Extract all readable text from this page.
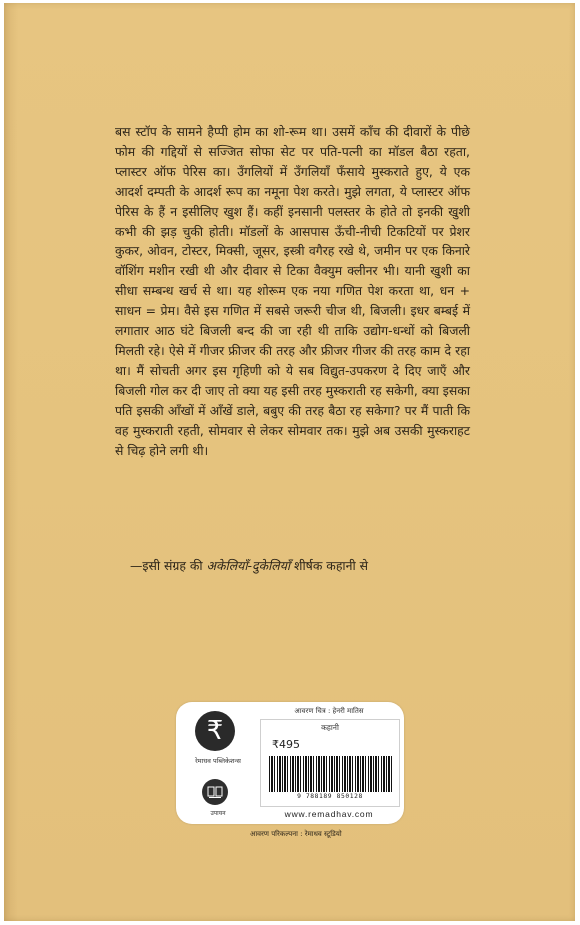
बस स्टॉप के सामने हैप्पी होम का शो-रूम था। उसमें काँच की दीवारों के पीछे फोम की गद्दियों से सज्जित सोफा सेट पर पति-पत्नी का मॉडल बैठा रहता, प्लास्टर ऑफ पेरिस का। उँगलियों में उँगलियाँ फँसाये मुस्कराते हुए, ये एक आदर्श दम्पती के आदर्श रूप का नमूना पेश करते। मुझे लगता, ये प्लास्टर ऑफ पेरिस के हैं न इसीलिए खुश हैं। कहीं इनसानी पलस्तर के होते तो इनकी खुशी कभी की झड़ चुकी होती। मॉडलों के आसपास ऊँची-नीची टिकटियों पर प्रेशर कुकर, ओवन, टोस्टर, मिक्सी, जूसर, इस्त्री वगैरह रखे थे, जमीन पर एक किनारे वॉशिंग मशीन रखी थी और दीवार से टिका वैक्युम क्लीनर भी। यानी खुशी का सीधा सम्बन्ध खर्च से था। यह शोरूम एक नया गणित पेश करता था, धन + साधन = प्रेम। वैसे इस गणित में सबसे जरूरी चीज थी, बिजली। इधर बम्बई में लगातार आठ घंटे बिजली बन्द की जा रही थी ताकि उद्योग-धन्धों को बिजली मिलती रहे। ऐसे में गीजर फ्रीजर की तरह और फ्रीजर गीजर की तरह काम दे रहा था। मैं सोचती अगर इस गृहिणी को ये सब विद्युत-उपकरण दे दिए जाएँ और बिजली गोल कर दी जाए तो क्या यह इसी तरह मुस्कराती रह सकेगी, क्या इसका पति इसकी आँखों में आँखें डाले, बबुए की तरह बैठा रह सकेगा? पर मैं पाती कि वह मुस्कराती रहती, सोमवार से लेकर सोमवार तक। मुझे अब उसकी मुस्कराहट से चिढ़ होने लगी थी।

—इसी संग्रह की अकेलियाँ-दुकेलियाँ शीर्षक कहानी से

₹
रेमाधव पब्लिकेशन्स
उपायन
आवरण चित्र : हेनरी मातिस
कहानी
₹495
9 788189 850128
www.remadhav.com
आवरण परिकल्पना : रेमाधव स्टूडियो
